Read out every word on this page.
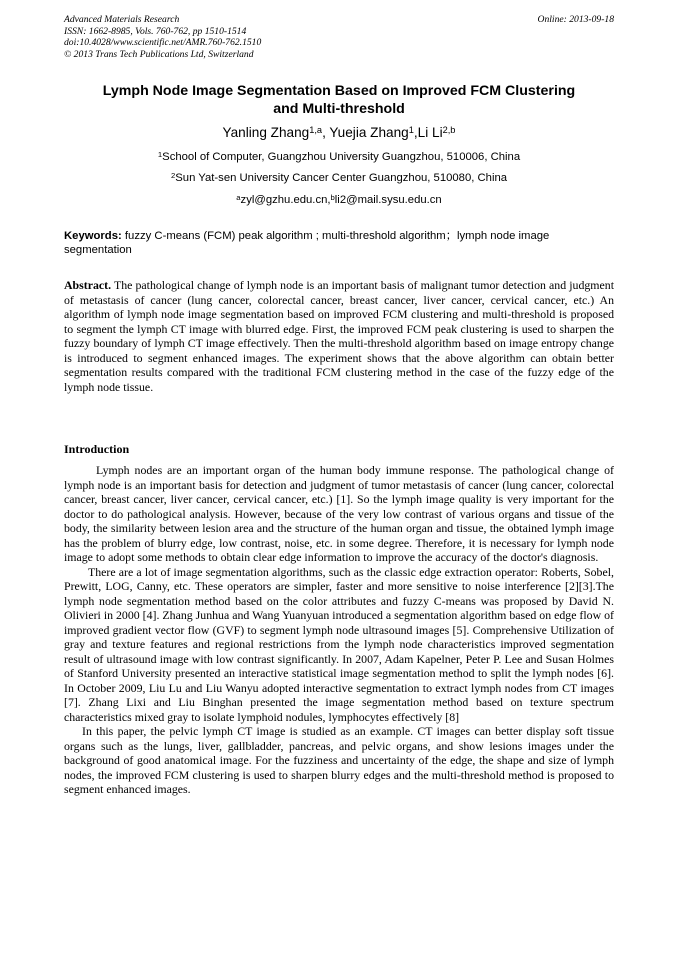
Advanced Materials Research
ISSN: 1662-8985, Vols. 760-762, pp 1510-1514
doi:10.4028/www.scientific.net/AMR.760-762.1510
© 2013 Trans Tech Publications Ltd, Switzerland
Online: 2013-09-18
Lymph Node Image Segmentation Based on Improved FCM Clustering
and Multi-threshold
Yanling Zhang$^{1,a}$, Yuejia Zhang$^1$,Li Li$^{2,b}$
$^1$School of Computer, Guangzhou University Guangzhou, 510006, China
$^2$Sun Yat-sen University Cancer Center Guangzhou, 510080, China
$^a$zyl@gzhu.edu.cn,$^b$li2@mail.sysu.edu.cn
Keywords: fuzzy C-means (FCM) peak algorithm ; multi-threshold algorithm；lymph node image segmentation
Abstract. The pathological change of lymph node is an important basis of malignant tumor detection and judgment of metastasis of cancer (lung cancer, colorectal cancer, breast cancer, liver cancer, cervical cancer, etc.) An algorithm of lymph node image segmentation based on improved FCM clustering and multi-threshold is proposed to segment the lymph CT image with blurred edge. First, the improved FCM peak clustering is used to sharpen the fuzzy boundary of lymph CT image effectively. Then the multi-threshold algorithm based on image entropy change is introduced to segment enhanced images. The experiment shows that the above algorithm can obtain better segmentation results compared with the traditional FCM clustering method in the case of the fuzzy edge of the lymph node tissue.
Introduction

Lymph nodes are an important organ of the human body immune response. The pathological change of lymph node is an important basis for detection and judgment of tumor metastasis of cancer (lung cancer, colorectal cancer, breast cancer, liver cancer, cervical cancer, etc.) [1]. So the lymph image quality is very important for the doctor to do pathological analysis. However, because of the very low contrast of various organs and tissue of the body, the similarity between lesion area and the structure of the human organ and tissue, the obtained lymph image has the problem of blurry edge, low contrast, noise, etc. in some degree. Therefore, it is necessary for lymph node image to adopt some methods to obtain clear edge information to improve the accuracy of the doctor's diagnosis.

There are a lot of image segmentation algorithms, such as the classic edge extraction operator: Roberts, Sobel, Prewitt, LOG, Canny, etc. These operators are simpler, faster and more sensitive to noise interference [2][3].The lymph node segmentation method based on the color attributes and fuzzy C-means was proposed by David N. Olivieri in 2000 [4]. Zhang Junhua and Wang Yuanyuan introduced a segmentation algorithm based on edge flow of improved gradient vector flow (GVF) to segment lymph node ultrasound images [5]. Comprehensive Utilization of gray and texture features and regional restrictions from the lymph node characteristics improved segmentation result of ultrasound image with low contrast significantly. In 2007, Adam Kapelner, Peter P. Lee and Susan Holmes of Stanford University presented an interactive statistical image segmentation method to split the lymph nodes [6]. In October 2009, Liu Lu and Liu Wanyu adopted interactive segmentation to extract lymph nodes from CT images [7]. Zhang Lixi and Liu Binghan presented the image segmentation method based on texture spectrum characteristics mixed gray to isolate lymphoid nodules, lymphocytes effectively [8]

In this paper, the pelvic lymph CT image is studied as an example. CT images can better display soft tissue organs such as the lungs, liver, gallbladder, pancreas, and pelvic organs, and show lesions images under the background of good anatomical image. For the fuzziness and uncertainty of the edge, the shape and size of lymph nodes, the improved FCM clustering is used to sharpen blurry edges and the multi-threshold method is proposed to segment enhanced images.
